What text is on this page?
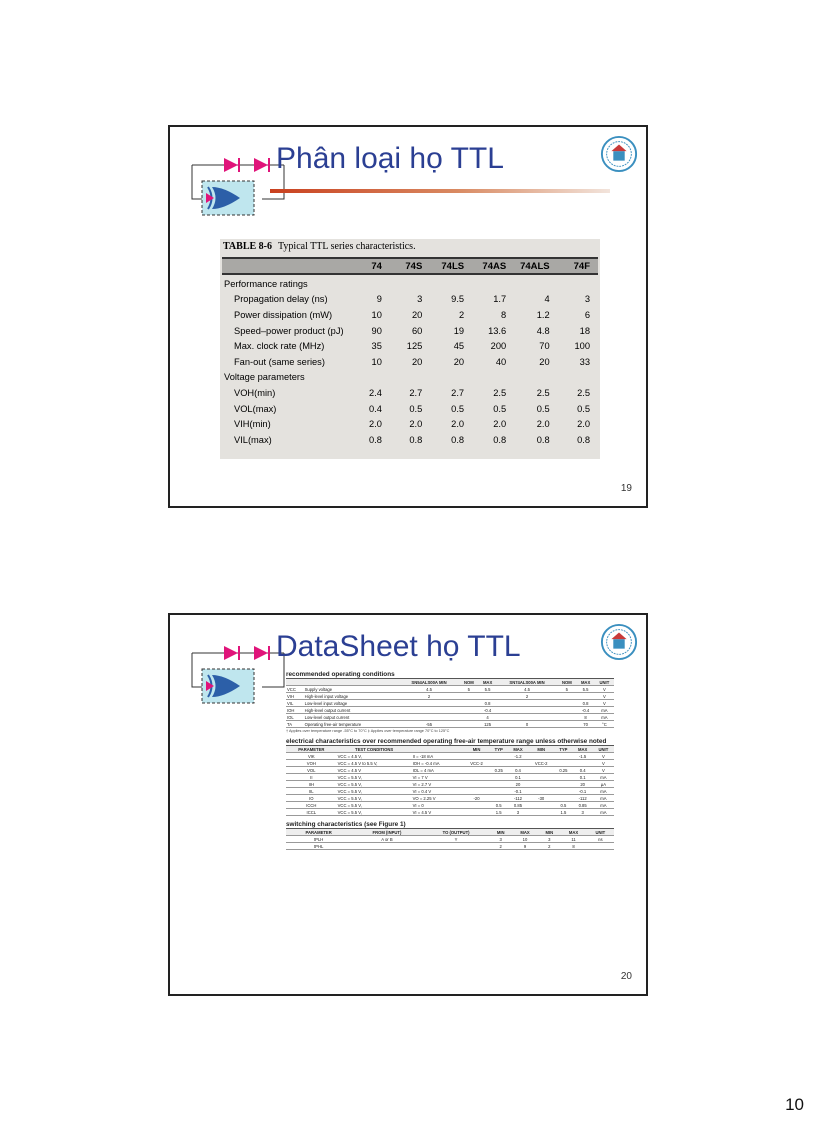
Phân loại họ TTL
TABLE 8-6 Typical TTL series characteristics.
	74	74S	74LS	74AS	74ALS	74F
Performance ratings						
Propagation delay (ns)	9	3	9.5	1.7	4	3
Power dissipation (mW)	10	20	2	8	1.2	6
Speed–power product (pJ)	90	60	19	13.6	4.8	18
Max. clock rate (MHz)	35	125	45	200	70	100
Fan-out (same series)	10	20	20	40	20	33
Voltage parameters						
VOH(min)	2.4	2.7	2.7	2.5	2.5	2.5
VOL(max)	0.4	0.5	0.5	0.5	0.5	0.5
VIH(min)	2.0	2.0	2.0	2.0	2.0	2.0
VIL(max)	0.8	0.8	0.8	0.8	0.8	0.8
19
DataSheet họ TTL
recommended operating conditions
		SN54ALS00A MIN	NOM	MAX	SN74ALS00A MIN	NOM	MAX	UNIT
VCC	Supply voltage	4.5	5	5.5	4.5	5	5.5	V
VIH	High-level input voltage	2			2			V
VIL	Low-level input voltage			0.8			0.8	V
IOH	High-level output current			-0.4			-0.4	mA
IOL	Low-level output current			4			8	mA
TA	Operating free-air temperature	-55		125	0		70	°C

† Applies over temperature range -55°C to 70°C ‡ Applies over temperature range 70°C to 125°C

electrical characteristics over recommended operating free-air temperature range unless otherwise noted
PARAMETER	TEST CONDITIONS		MIN	TYP	MAX	MIN	TYP	MAX	UNIT
VIK	VCC = 4.5 V,	II = -18 mA			-1.2			-1.5	V
VOH	VCC = 4.5 V to 5.5 V,	IOH = -0.4 mA	VCC-2			VCC-2			V
VOL	VCC = 4.5 V	IOL = 4 mA		0.25	0.4		0.25	0.4	V
II	VCC = 5.5 V,	VI = 7 V			0.1			0.1	mA
IIH	VCC = 5.5 V,	VI = 2.7 V			20			20	µA
IIL	VCC = 5.5 V,	VI = 0.4 V			-0.1			-0.1	mA
IO	VCC = 5.5 V,	VO = 2.25 V	-20		-112	-30		-112	mA
ICCH	VCC = 5.5 V,	VI = 0		0.5	0.85		0.5	0.85	mA
ICCL	VCC = 5.5 V,	VI = 4.5 V		1.5	3		1.5	3	mA
switching characteristics (see Figure 1)
PARAMETER	FROM (INPUT)	TO (OUTPUT)	MIN	MAX	MIN	MAX	UNIT
tPLH	A or B	Y	3	10	3	11	ns
tPHL			2	9	2	8	
20
10
